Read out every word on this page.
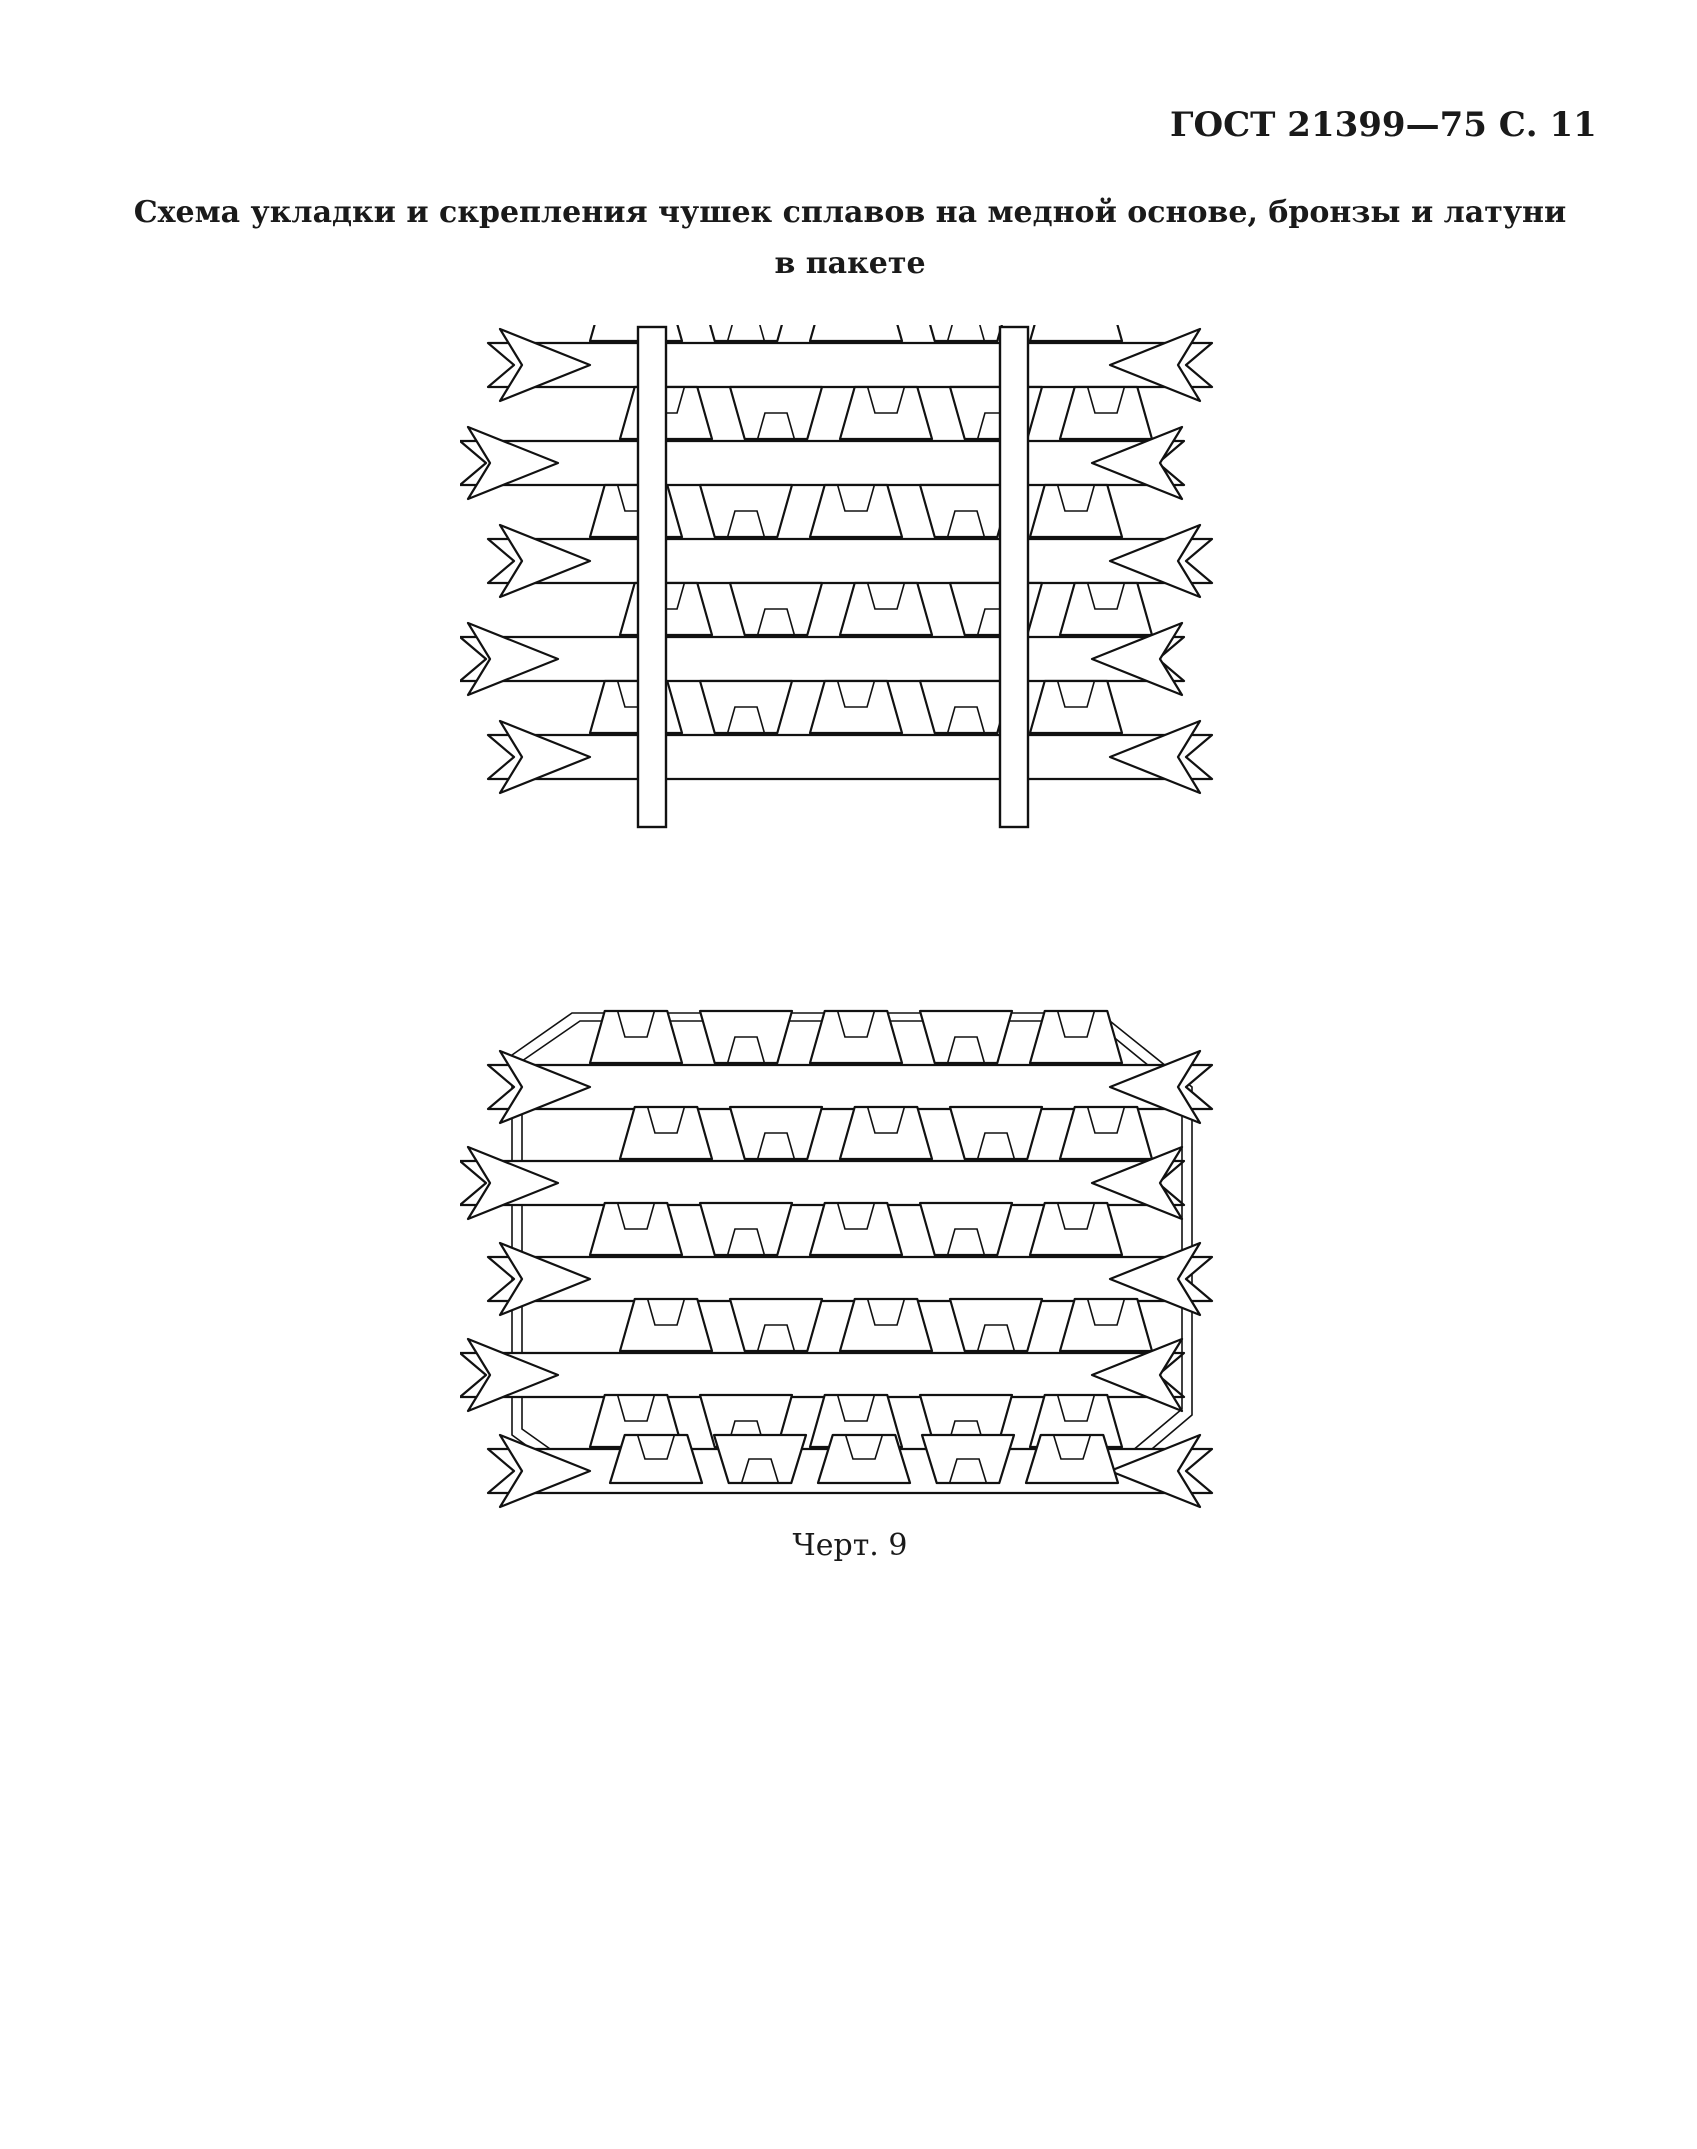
ГОСТ 21399—75 С. 11
Схема укладки и скрепления чушек сплавов на медной основе, бронзы и латуни
в пакете
Черт. 9
